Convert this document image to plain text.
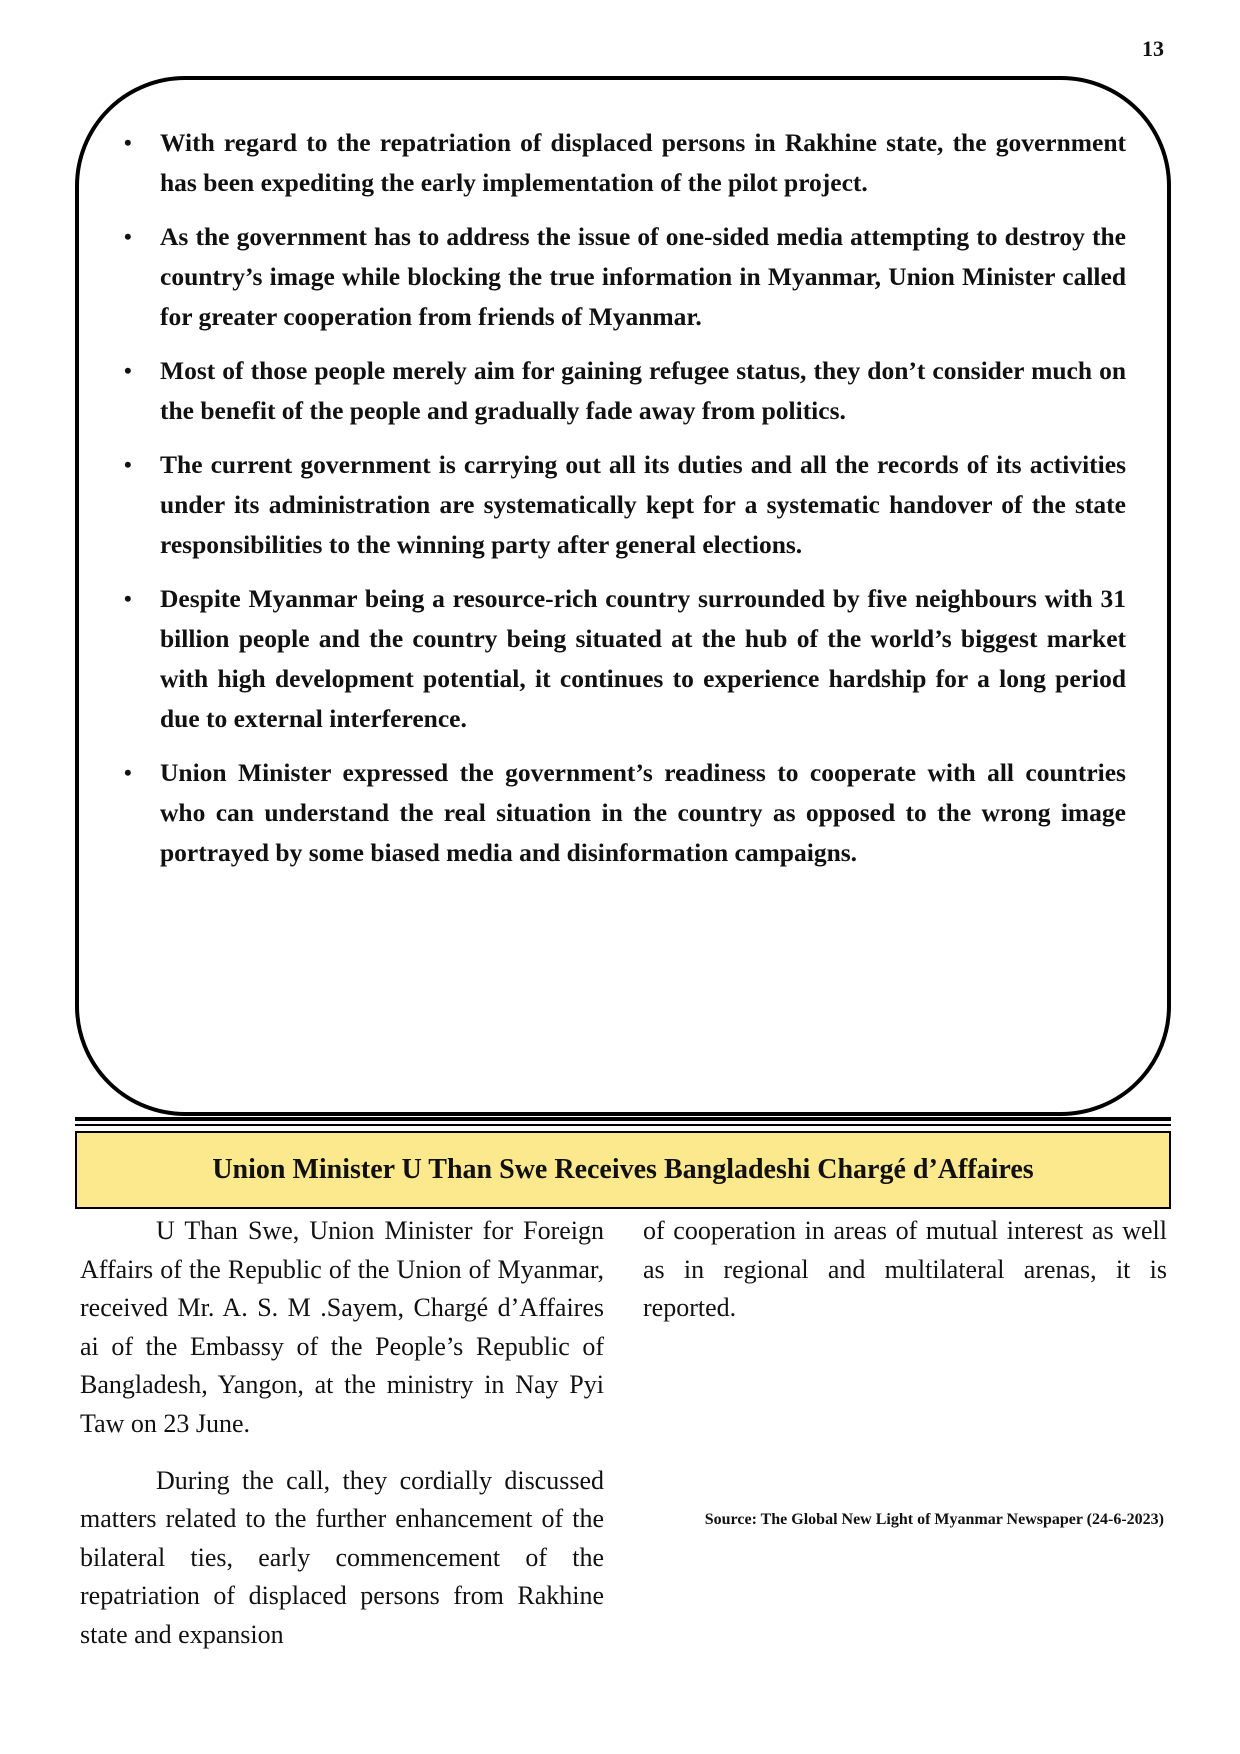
13
• With regard to the repatriation of displaced persons in Rakhine state, the government has been expediting the early implementation of the pilot project.
• As the government has to address the issue of one-sided media attempting to destroy the country’s image while blocking the true information in Myanmar, Union Minister called for greater cooperation from friends of Myanmar.
• Most of those people merely aim for gaining refugee status, they don’t consider much on the benefit of the people and gradually fade away from politics.
• The current government is carrying out all its duties and all the records of its activities under its administration are systematically kept for a systematic handover of the state responsibilities to the winning party after general elections.
• Despite Myanmar being a resource-rich country surrounded by five neighbours with 31 billion people and the country being situated at the hub of the world’s biggest market with high development potential, it continues to experience hardship for a long period due to external interference.
• Union Minister expressed the government’s readiness to cooperate with all countries who can understand the real situation in the country as opposed to the wrong image portrayed by some biased media and disinformation campaigns.
Union Minister U Than Swe Receives Bangladeshi Chargé d’Affaires

U Than Swe, Union Minister for Foreign Affairs of the Republic of the Union of Myanmar, received Mr. A. S. M .Sayem, Chargé d’Affaires ai of the Embassy of the People’s Republic of Bangladesh, Yangon, at the ministry in Nay Pyi Taw on 23 June.

During the call, they cordially discussed matters related to the further enhancement of the bilateral ties, early commencement of the repatriation of displaced persons from Rakhine state and expansion

of cooperation in areas of mutual interest as well as in regional and multilateral arenas, it is reported.

Source: The Global New Light of Myanmar Newspaper (24-6-2023)
